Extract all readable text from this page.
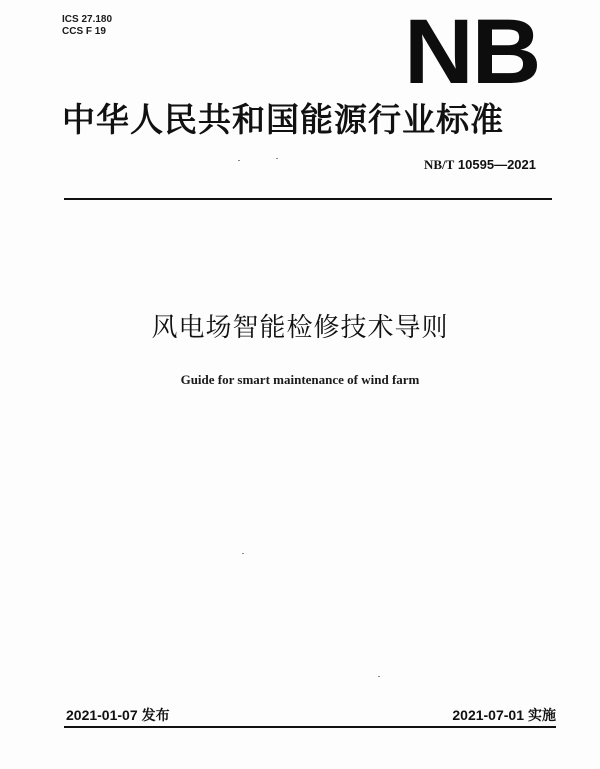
ICS 27.180
CCS F 19	NB
中华人民共和国能源行业标准
NB/T 10595—2021
风电场智能检修技术导则
Guide for smart maintenance of wind farm
2021-01-07 发布	2021-07-01 实施
